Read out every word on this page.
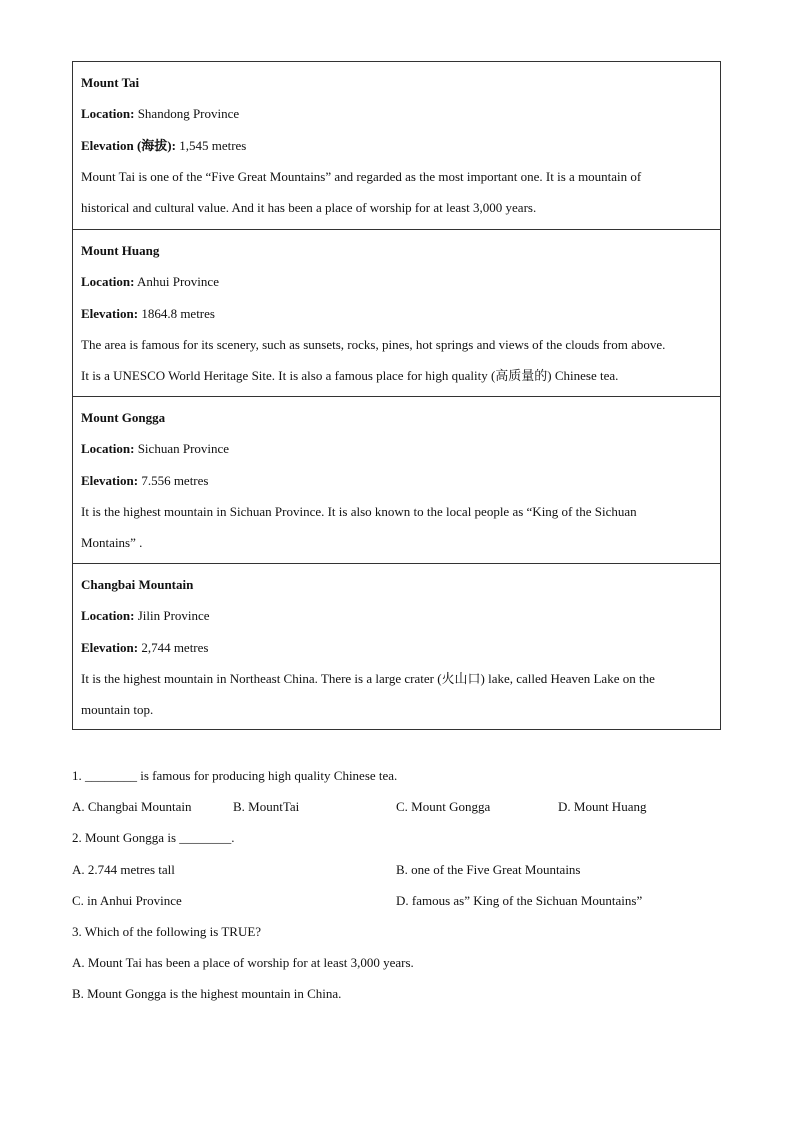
Mount Tai
Location: Shandong Province
Elevation (海拔): 1,545 metres
Mount Tai is one of the “Five Great Mountains” and regarded as the most important one. It is a mountain of
historical and cultural value. And it has been a place of worship for at least 3,000 years.
Mount Huang
Location: Anhui Province
Elevation: 1864.8 metres
The area is famous for its scenery, such as sunsets, rocks, pines, hot springs and views of the clouds from above.
It is a UNESCO World Heritage Site. It is also a famous place for high quality (高质量的) Chinese tea.
Mount Gongga
Location: Sichuan Province
Elevation: 7.556 metres
It is the highest mountain in Sichuan Province. It is also known to the local people as “King of the Sichuan
Montains” .
Changbai Mountain
Location: Jilin Province
Elevation: 2,744 metres
It is the highest mountain in Northeast China. There is a large crater (火山口) lake, called Heaven Lake on the
mountain top.
1. ________ is famous for producing high quality Chinese tea.
A. Changbai Mountain	B. MountTai	C. Mount Gongga	D. Mount Huang
2. Mount Gongga is ________.
A. 2.744 metres tall	B. one of the Five Great Mountains
C. in Anhui Province	D. famous as” King of the Sichuan Mountains”
3. Which of the following is TRUE?
A. Mount Tai has been a place of worship for at least 3,000 years.
B. Mount Gongga is the highest mountain in China.
